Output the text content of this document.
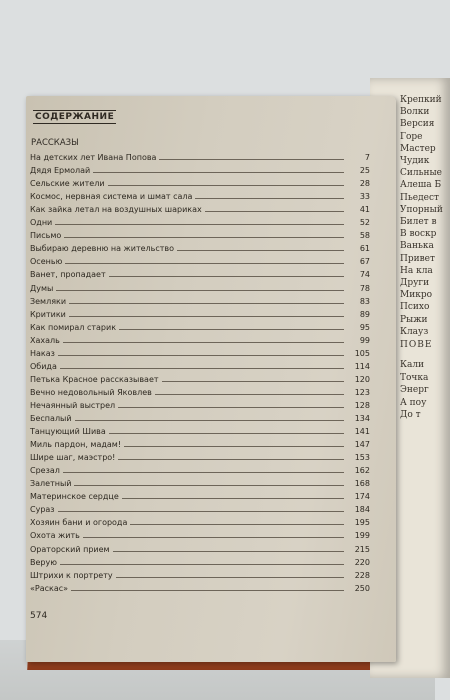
ПОВЕ
Крепкий
Волки
Версия
Горе
Мастер
Чудик
Сильные
Алеша Б
Пьедест
Упорный
Билет в
В воскр
Ванька
Привет
На кла
Други
Микро
Психо
Рыжи
Клауз
Кали
Точка
Энерг
А поу
До т
СОДЕРЖАНИЕ
РАССКАЗЫ
На детских лет Ивана Попова	7
Дядя Ермолай	25
Сельские жители	28
Космос, нервная система и шмат сала	33
Как зайка летал на воздушных шариках	41
Одни	52
Письмо	58
Выбираю деревню на жительство	61
Осенью	67
Ванет, пропадает	74
Думы	78
Земляки	83
Критики	89
Как помирал старик	95
Хахаль	99
Наказ	105
Обида	114
Петька Красное рассказывает	120
Вечно недовольный Яковлев	123
Нечаянный выстрел	128
Беспалый	134
Танцующий Шива	141
Миль пардон, мадам!	147
Шире шаг, маэстро!	153
Срезал	162
Залетный	168
Материнское сердце	174
Сураз	184
Хозяин бани и огорода	195
Охота жить	199
Ораторский прием	215
Верую	220
Штрихи к портрету	228
«Раскас»	250
574
